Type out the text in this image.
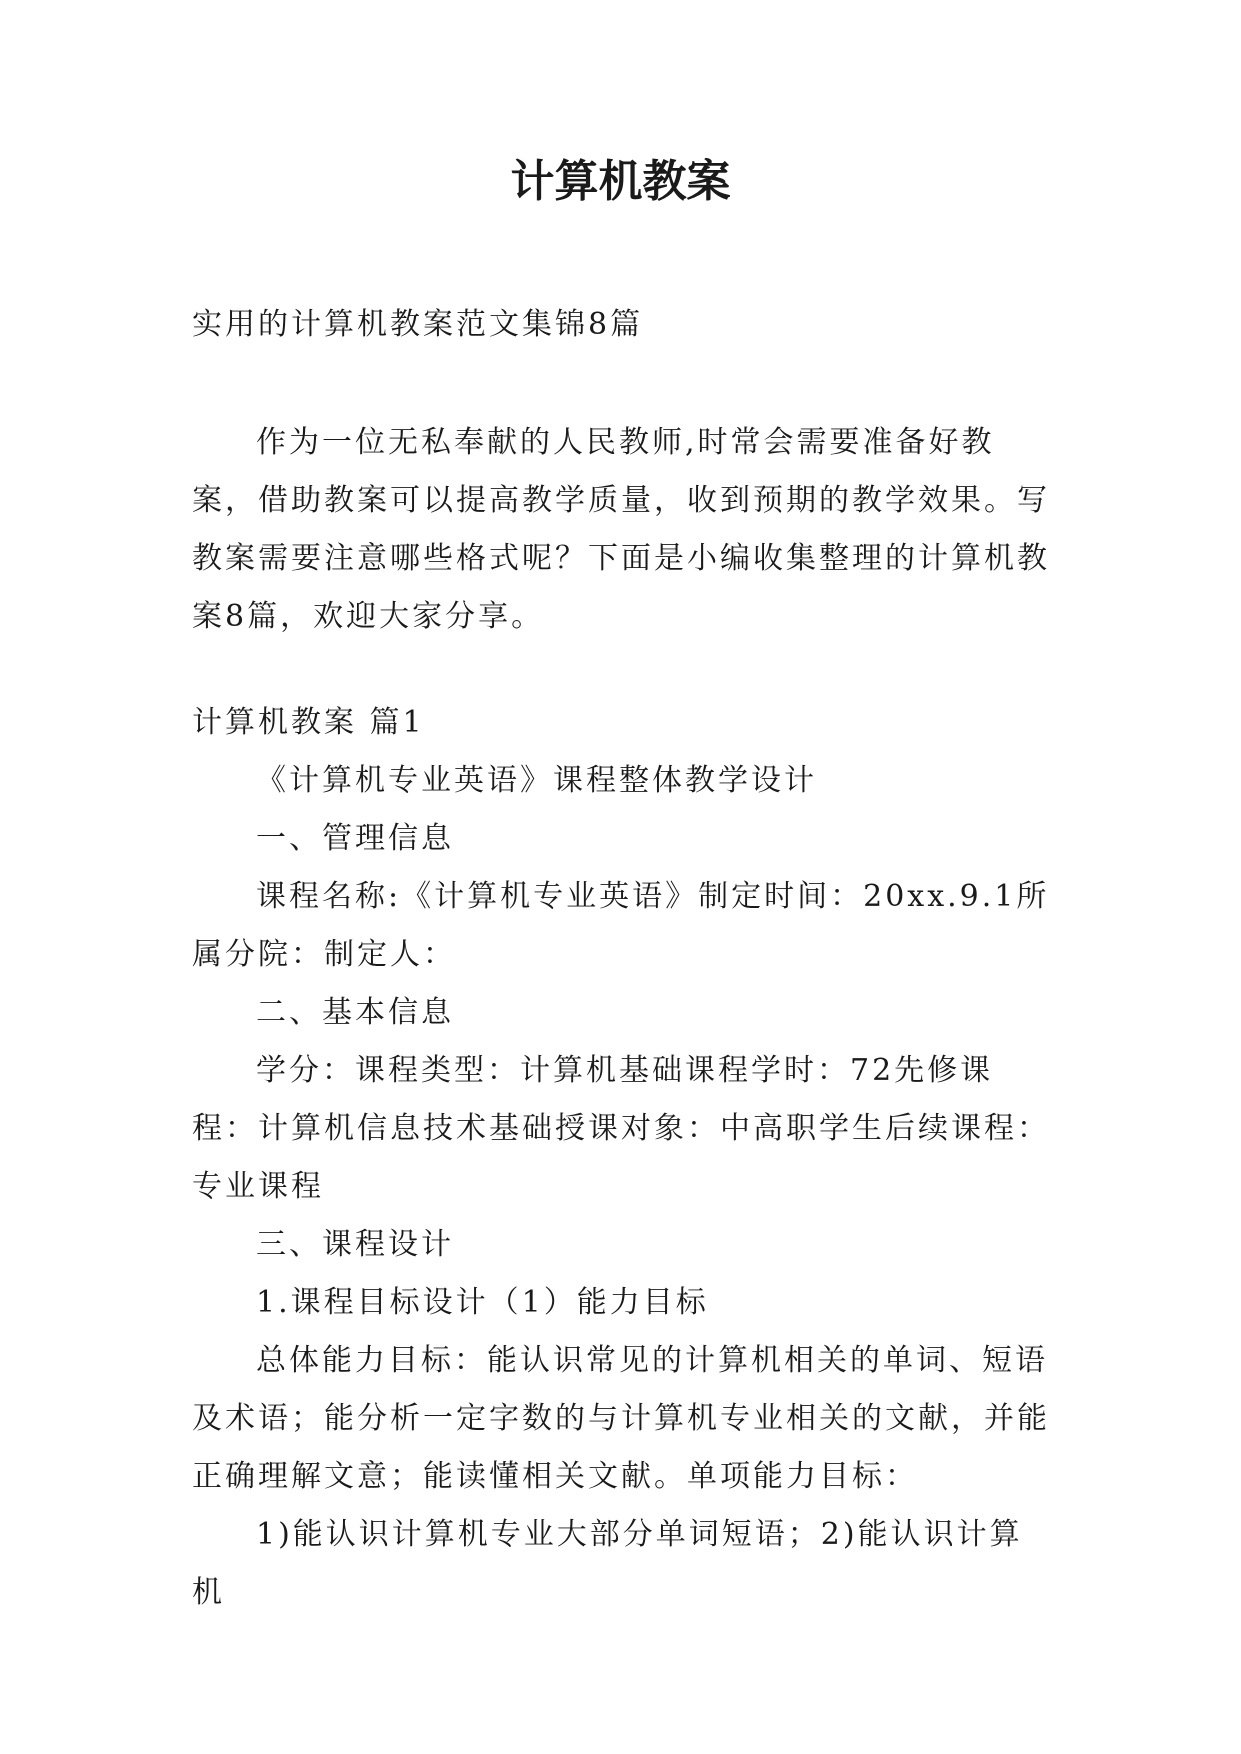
计算机教案

实用的计算机教案范文集锦8篇

作为一位无私奉献的人民教师,时常会需要准备好教案，借助教案可以提高教学质量，收到预期的教学效果。写教案需要注意哪些格式呢？下面是小编收集整理的计算机教案8篇，欢迎大家分享。

计算机教案 篇1

《计算机专业英语》课程整体教学设计

一、管理信息

课程名称:《计算机专业英语》制定时间：20xx.9.1所属分院：制定人：

二、基本信息

学分：课程类型：计算机基础课程学时：72先修课程：计算机信息技术基础授课对象：中高职学生后续课程：专业课程

三、课程设计

1.课程目标设计（1）能力目标

总体能力目标：能认识常见的计算机相关的单词、短语及术语；能分析一定字数的与计算机专业相关的文献，并能正确理解文意；能读懂相关文献。单项能力目标：

1)能认识计算机专业大部分单词短语；2)能认识计算机
